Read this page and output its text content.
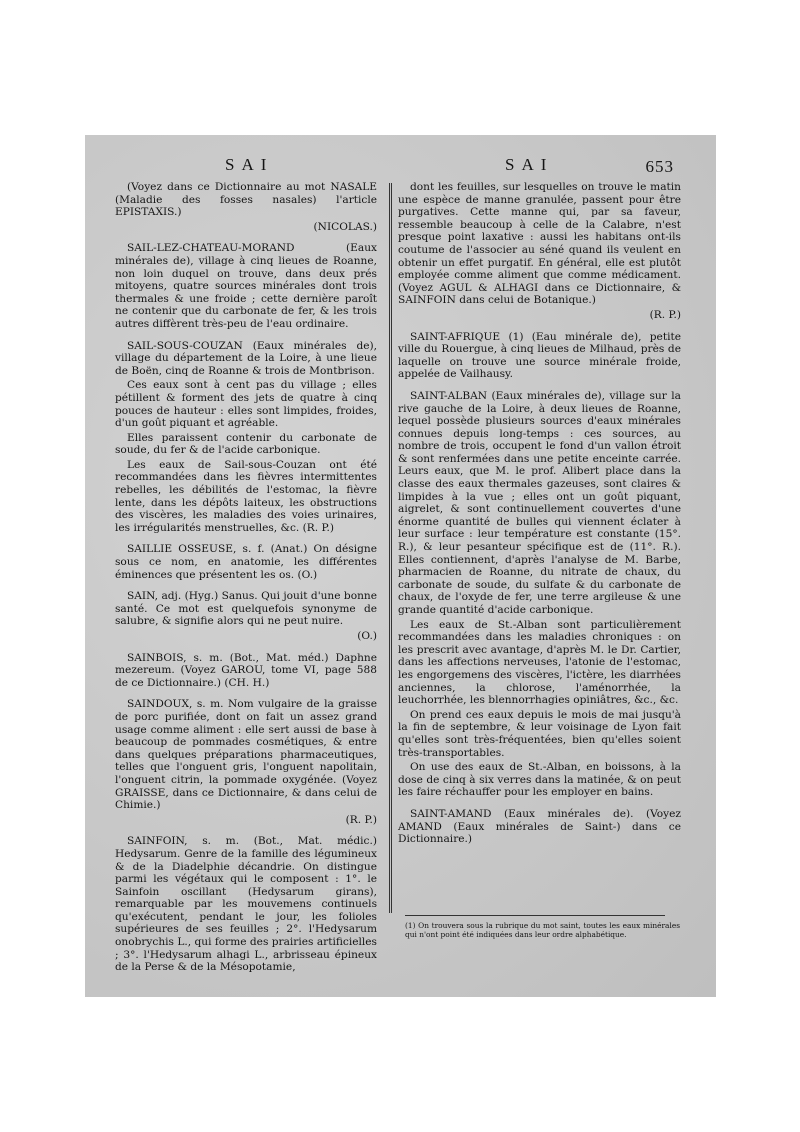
SAI	SAI	653

(Voyez dans ce Dictionnaire au mot NASALE (Maladie des fosses nasales) l'article EPISTAXIS.)

(NICOLAS.)

SAIL-LEZ-CHATEAU-MORAND (Eaux minérales de), village à cinq lieues de Roanne, non loin duquel on trouve, dans deux prés mitoyens, quatre sources minérales dont trois thermales & une froide ; cette dernière paroît ne contenir que du carbonate de fer, & les trois autres diffèrent très-peu de l'eau ordinaire.

SAIL-SOUS-COUZAN (Eaux minérales de), village du département de la Loire, à une lieue de Boën, cinq de Roanne & trois de Montbrison.

Ces eaux sont à cent pas du village ; elles pétillent & forment des jets de quatre à cinq pouces de hauteur : elles sont limpides, froides, d'un goût piquant et agréable.

Elles paraissent contenir du carbonate de soude, du fer & de l'acide carbonique.

Les eaux de Sail-sous-Couzan ont été recommandées dans les fièvres intermittentes rebelles, les débilités de l'estomac, la fièvre lente, dans les dépôts laiteux, les obstructions des viscères, les maladies des voies urinaires, les irrégularités menstruelles, &c. (R. P.)

SAILLIE OSSEUSE, s. f. (Anat.) On désigne sous ce nom, en anatomie, les différentes éminences que présentent les os. (O.)

SAIN, adj. (Hyg.) Sanus. Qui jouit d'une bonne santé. Ce mot est quelquefois synonyme de salubre, & signifie alors qui ne peut nuire.

(O.)

SAINBOIS, s. m. (Bot., Mat. méd.) Daphne mezereum. (Voyez GAROU, tome VI, page 588 de ce Dictionnaire.) (CH. H.)

SAINDOUX, s. m. Nom vulgaire de la graisse de porc purifiée, dont on fait un assez grand usage comme aliment : elle sert aussi de base à beaucoup de pommades cosmétiques, & entre dans quelques préparations pharmaceutiques, telles que l'onguent gris, l'onguent napolitain, l'onguent citrin, la pommade oxygénée. (Voyez GRAISSE, dans ce Dictionnaire, & dans celui de Chimie.)

(R. P.)

SAINFOIN, s. m. (Bot., Mat. médic.) Hedysarum. Genre de la famille des légumineux & de la Diadelphie décandrie. On distingue parmi les végétaux qui le composent : 1°. le Sainfoin oscillant (Hedysarum girans), remarquable par les mouvemens continuels qu'exécutent, pendant le jour, les folioles supérieures de ses feuilles ; 2°. l'Hedysarum onobrychis L., qui forme des prairies artificielles ; 3°. l'Hedysarum alhagi L., arbrisseau épineux de la Perse & de la Mésopotamie,

dont les feuilles, sur lesquelles on trouve le matin une espèce de manne granulée, passent pour être purgatives. Cette manne qui, par sa faveur, ressemble beaucoup à celle de la Calabre, n'est presque point laxative : aussi les habitans ont-ils coutume de l'associer au séné quand ils veulent en obtenir un effet purgatif. En général, elle est plutôt employée comme aliment que comme médicament. (Voyez AGUL & ALHAGI dans ce Dictionnaire, & SAINFOIN dans celui de Botanique.)

(R. P.)

SAINT-AFRIQUE (1) (Eau minérale de), petite ville du Rouergue, à cinq lieues de Milhaud, près de laquelle on trouve une source minérale froide, appelée de Vailhausy.

SAINT-ALBAN (Eaux minérales de), village sur la rive gauche de la Loire, à deux lieues de Roanne, lequel possède plusieurs sources d'eaux minérales connues depuis long-temps : ces sources, au nombre de trois, occupent le fond d'un vallon étroit & sont renfermées dans une petite enceinte carrée. Leurs eaux, que M. le prof. Alibert place dans la classe des eaux thermales gazeuses, sont claires & limpides à la vue ; elles ont un goût piquant, aigrelet, & sont continuellement couvertes d'une énorme quantité de bulles qui viennent éclater à leur surface : leur température est constante (15°. R.), & leur pesanteur spécifique est de (11°. R.). Elles contiennent, d'après l'analyse de M. Barbe, pharmacien de Roanne, du nitrate de chaux, du carbonate de soude, du sulfate & du carbonate de chaux, de l'oxyde de fer, une terre argileuse & une grande quantité d'acide carbonique.

Les eaux de St.-Alban sont particulièrement recommandées dans les maladies chroniques : on les prescrit avec avantage, d'après M. le Dr. Cartier, dans les affections nerveuses, l'atonie de l'estomac, les engorgemens des viscères, l'ictère, les diarrhées anciennes, la chlorose, l'aménorrhée, la leuchorrhée, les blennorrhagies opiniâtres, &c., &c.

On prend ces eaux depuis le mois de mai jusqu'à la fin de septembre, & leur voisinage de Lyon fait qu'elles sont très-fréquentées, bien qu'elles soient très-transportables.

On use des eaux de St.-Alban, en boissons, à la dose de cinq à six verres dans la matinée, & on peut les faire réchauffer pour les employer en bains.

SAINT-AMAND (Eaux minérales de). (Voyez AMAND (Eaux minérales de Saint-) dans ce Dictionnaire.)

(1) On trouvera sous la rubrique du mot saint, toutes les eaux minérales qui n'ont point été indiquées dans leur ordre alphabétique.
